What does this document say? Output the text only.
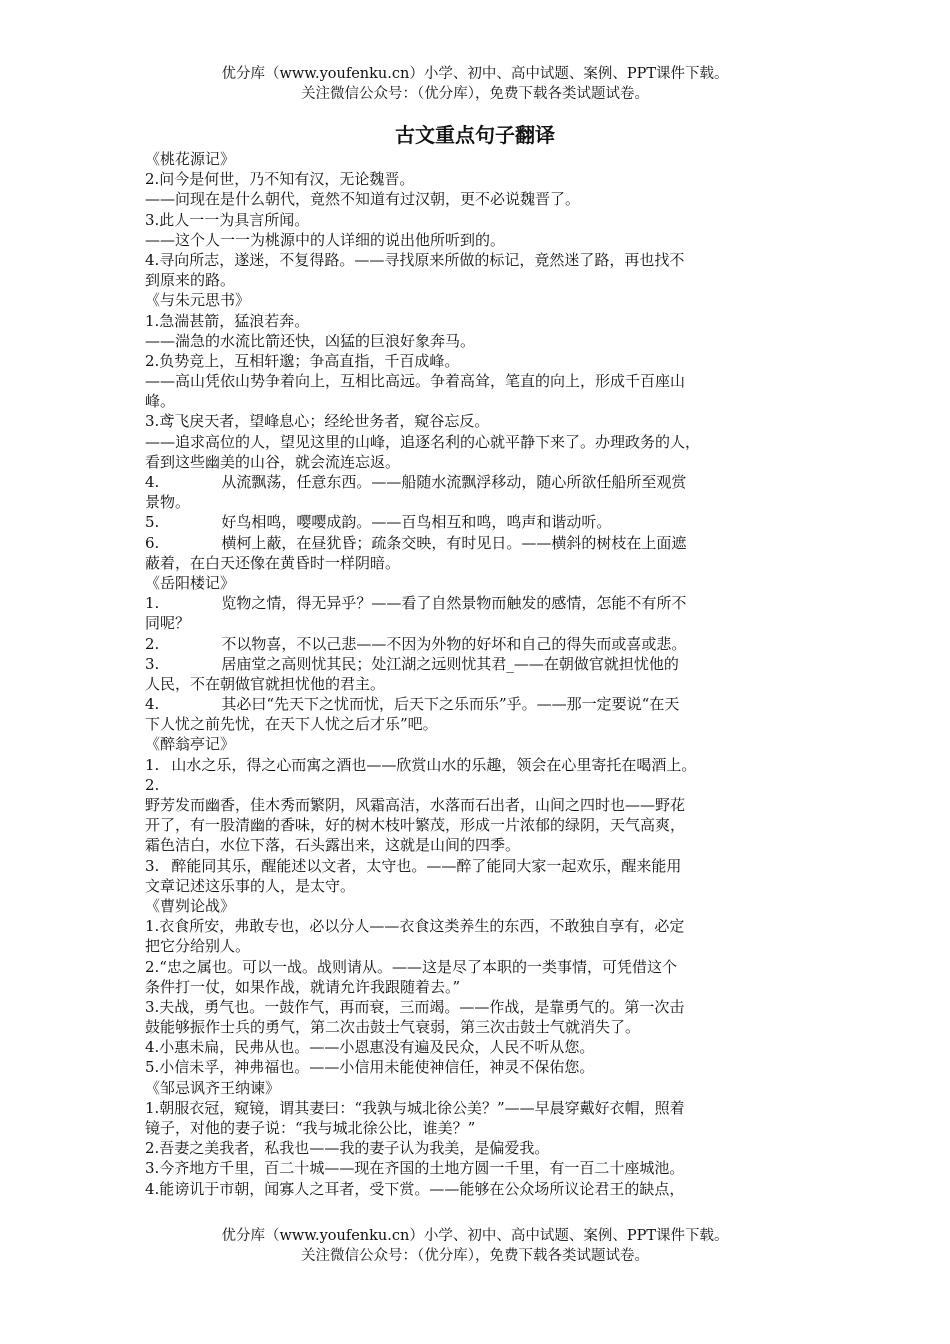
优分库（www.youfenku.cn）小学、初中、高中试题、案例、PPT课件下载。
关注微信公众号：（优分库），免费下载各类试题试卷。
古文重点句子翻译
《桃花源记》
2.问今是何世，乃不知有汉，无论魏晋。
——问现在是什么朝代，竟然不知道有过汉朝，更不必说魏晋了。
3.此人一一为具言所闻。
——这个人一一为桃源中的人详细的说出他所听到的。
4.寻向所志，遂迷，不复得路。——寻找原来所做的标记，竟然迷了路，再也找不
到原来的路。
《与朱元思书》
1.急湍甚箭，猛浪若奔。
——湍急的水流比箭还快，凶猛的巨浪好象奔马。
2.负势竞上，互相轩邈；争高直指，千百成峰。
——高山凭依山势争着向上，互相比高远。争着高耸，笔直的向上，形成千百座山
峰。
3.鸢飞戾天者，望峰息心；经纶世务者，窥谷忘反。
——追求高位的人，望见这里的山峰，追逐名利的心就平静下来了。办理政务的人，
看到这些幽美的山谷，就会流连忘返。
4.	从流飘荡，任意东西。——船随水流飘浮移动，随心所欲任船所至观赏
景物。
5.	好鸟相鸣，嘤嘤成韵。——百鸟相互和鸣，鸣声和谐动听。
6.	横柯上蔽，在昼犹昏；疏条交映，有时见日。——横斜的树枝在上面遮
蔽着，在白天还像在黄昏时一样阴暗。
《岳阳楼记》
1.	览物之情，得无异乎？——看了自然景物而触发的感情，怎能不有所不
同呢？
2.	不以物喜，不以己悲——不因为外物的好坏和自己的得失而或喜或悲。
3.	居庙堂之高则忧其民；处江湖之远则忧其君_——在朝做官就担忧他的
人民，不在朝做官就担忧他的君主。
4.	其必曰“先天下之忧而忧，后天下之乐而乐”乎。——那一定要说“在天
下人忧之前先忧，在天下人忧之后才乐”吧。
《醉翁亭记》
1. 山水之乐，得之心而寓之酒也——欣赏山水的乐趣，领会在心里寄托在喝酒上。
2.
野芳发而幽香，佳木秀而繁阴，风霜高洁，水落而石出者，山间之四时也——野花
开了，有一股清幽的香味，好的树木枝叶繁茂，形成一片浓郁的绿阴，天气高爽，
霜色洁白，水位下落，石头露出来，这就是山间的四季。
3. 醉能同其乐，醒能述以文者，太守也。——醉了能同大家一起欢乐，醒来能用
文章记述这乐事的人，是太守。
《曹刿论战》
1.衣食所安，弗敢专也，必以分人——衣食这类养生的东西，不敢独自享有，必定
把它分给别人。
2.“忠之属也。可以一战。战则请从。——这是尽了本职的一类事情，可凭借这个
条件打一仗，如果作战，就请允许我跟随着去。”
3.夫战，勇气也。一鼓作气，再而衰，三而竭。——作战，是靠勇气的。第一次击
鼓能够振作士兵的勇气，第二次击鼓士气衰弱，第三次击鼓士气就消失了。
4.小惠未扁，民弗从也。——小恩惠没有遍及民众，人民不听从您。
5.小信未孚，神弗福也。——小信用未能使神信任，神灵不保佑您。
《邹忌讽齐王纳谏》
1.朝服衣冠，窥镜，谓其妻曰：“我孰与城北徐公美？”——早晨穿戴好衣帽，照着
镜子，对他的妻子说：“我与城北徐公比，谁美？”
2.吾妻之美我者，私我也——我的妻子认为我美，是偏爱我。
3.今齐地方千里，百二十城——现在齐国的土地方圆一千里，有一百二十座城池。
4.能谤讥于市朝，闻寡人之耳者，受下赏。——能够在公众场所议论君王的缺点，
优分库（www.youfenku.cn）小学、初中、高中试题、案例、PPT课件下载。
关注微信公众号：（优分库），免费下载各类试题试卷。
